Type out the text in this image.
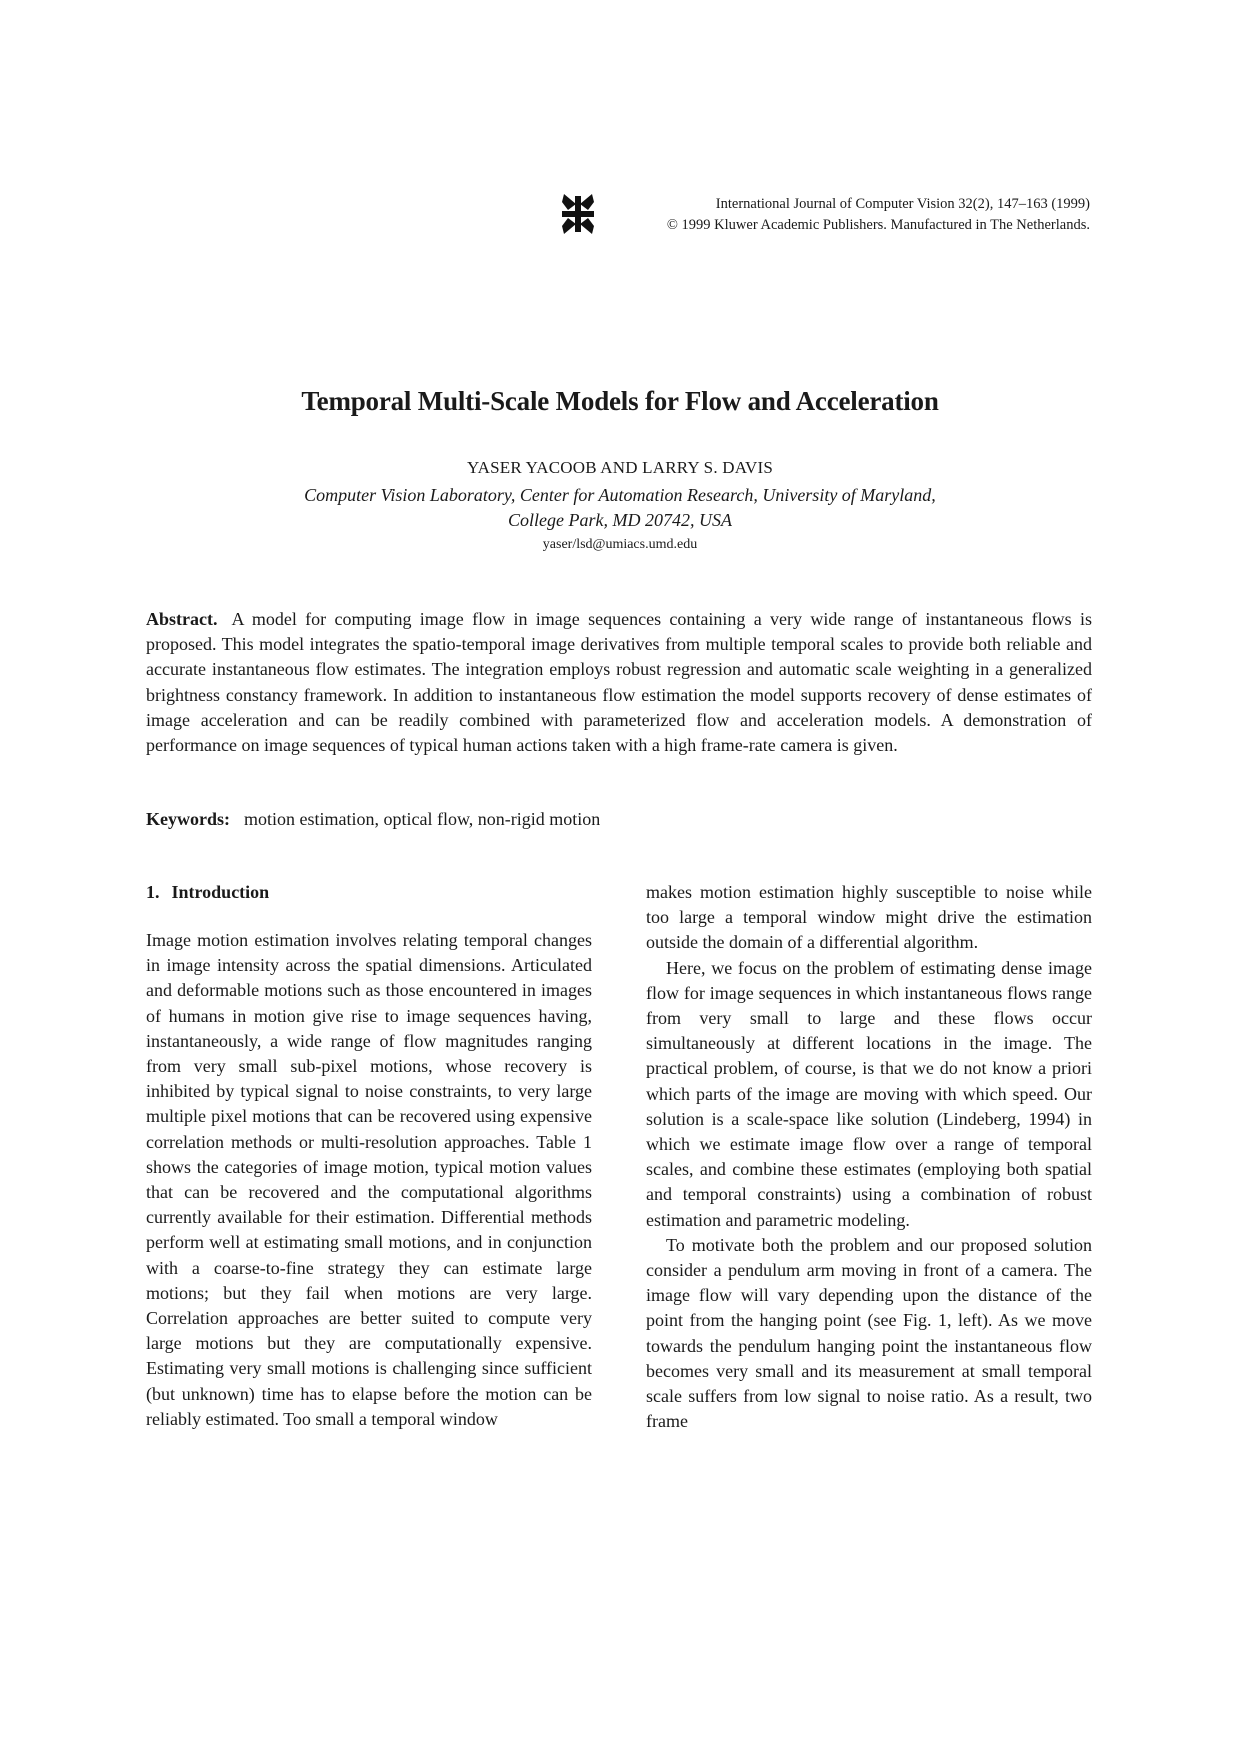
International Journal of Computer Vision 32(2), 147–163 (1999)
© 1999 Kluwer Academic Publishers. Manufactured in The Netherlands.
Temporal Multi-Scale Models for Flow and Acceleration
YASER YACOOB AND LARRY S. DAVIS
Computer Vision Laboratory, Center for Automation Research, University of Maryland,
College Park, MD 20742, USA
yaser/lsd@umiacs.umd.edu

Abstract. A model for computing image flow in image sequences containing a very wide range of instantaneous flows is proposed. This model integrates the spatio-temporal image derivatives from multiple temporal scales to provide both reliable and accurate instantaneous flow estimates. The integration employs robust regression and automatic scale weighting in a generalized brightness constancy framework. In addition to instantaneous flow estimation the model supports recovery of dense estimates of image acceleration and can be readily combined with parameterized flow and acceleration models. A demonstration of performance on image sequences of typical human actions taken with a high frame-rate camera is given.

Keywords: motion estimation, optical flow, non-rigid motion

1. Introduction

Image motion estimation involves relating temporal changes in image intensity across the spatial dimensions. Articulated and deformable motions such as those encountered in images of humans in motion give rise to image sequences having, instantaneously, a wide range of flow magnitudes ranging from very small sub-pixel motions, whose recovery is inhibited by typical signal to noise constraints, to very large multiple pixel motions that can be recovered using expensive correlation methods or multi-resolution approaches. Table 1 shows the categories of image motion, typical motion values that can be recovered and the computational algorithms currently available for their estimation. Differential methods perform well at estimating small motions, and in conjunction with a coarse-to-fine strategy they can estimate large motions; but they fail when motions are very large. Correlation approaches are better suited to compute very large motions but they are computationally expensive. Estimating very small motions is challenging since sufficient (but unknown) time has to elapse before the motion can be reliably estimated. Too small a temporal window

makes motion estimation highly susceptible to noise while too large a temporal window might drive the estimation outside the domain of a differential algorithm.

Here, we focus on the problem of estimating dense image flow for image sequences in which instantaneous flows range from very small to large and these flows occur simultaneously at different locations in the image. The practical problem, of course, is that we do not know a priori which parts of the image are moving with which speed. Our solution is a scale-space like solution (Lindeberg, 1994) in which we estimate image flow over a range of temporal scales, and combine these estimates (employing both spatial and temporal constraints) using a combination of robust estimation and parametric modeling.

To motivate both the problem and our proposed solution consider a pendulum arm moving in front of a camera. The image flow will vary depending upon the distance of the point from the hanging point (see Fig. 1, left). As we move towards the pendulum hanging point the instantaneous flow becomes very small and its measurement at small temporal scale suffers from low signal to noise ratio. As a result, two frame
